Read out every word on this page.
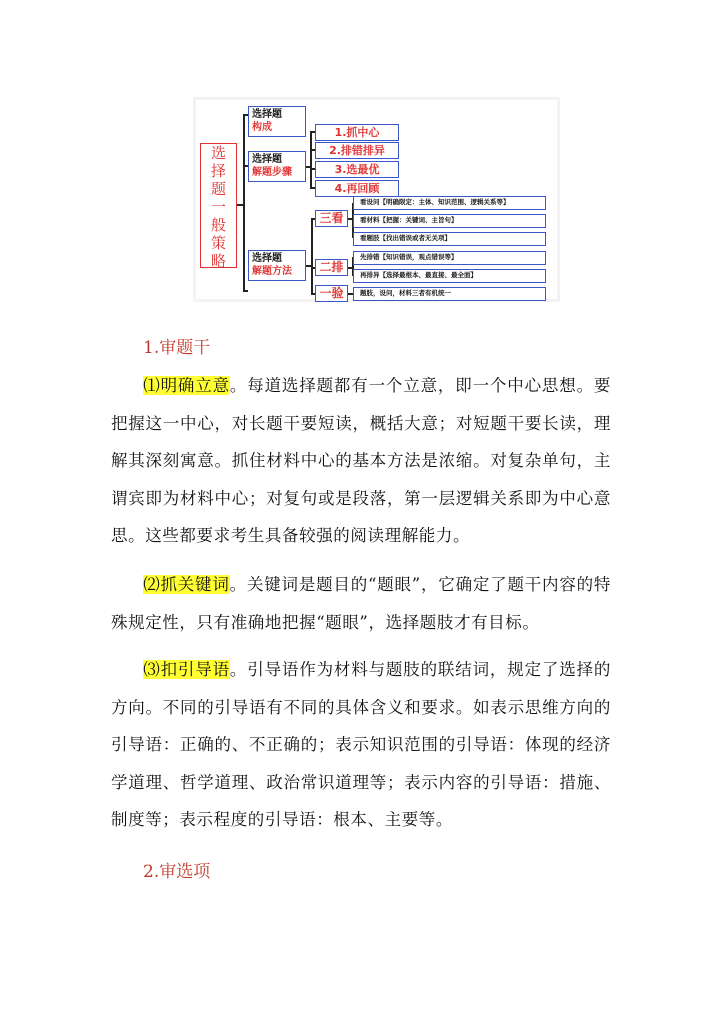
选
择
题
一
般
策
略
选择题
构成
选择题
解题步骤
选择题
解题方法
1.抓中心
2.排错排异
3.选最优
4.再回顾
三看
二排
一验
看设问【明确限定：主体、知识范围、逻辑关系等】
看材料【把握：关键词、主旨句】
看题肢【找出错误或者无关项】
先排错【知识错误，观点错误等】
再排异【选择最根本、最直接、最全面】
题肢，设问，材料三者有机统一
1.审题干

⑴明确立意。每道选择题都有一个立意，即一个中心思想。要把握这一中心，对长题干要短读，概括大意；对短题干要长读，理解其深刻寓意。抓住材料中心的基本方法是浓缩。对复杂单句，主谓宾即为材料中心；对复句或是段落，第一层逻辑关系即为中心意思。这些都要求考生具备较强的阅读理解能力。

⑵抓关键词。关键词是题目的“题眼”，它确定了题干内容的特殊规定性，只有准确地把握“题眼”，选择题肢才有目标。

⑶扣引导语。引导语作为材料与题肢的联结词，规定了选择的方向。不同的引导语有不同的具体含义和要求。如表示思维方向的引导语：正确的、不正确的；表示知识范围的引导语：体现的经济学道理、哲学道理、政治常识道理等；表示内容的引导语：措施、制度等；表示程度的引导语：根本、主要等。

2.审选项
